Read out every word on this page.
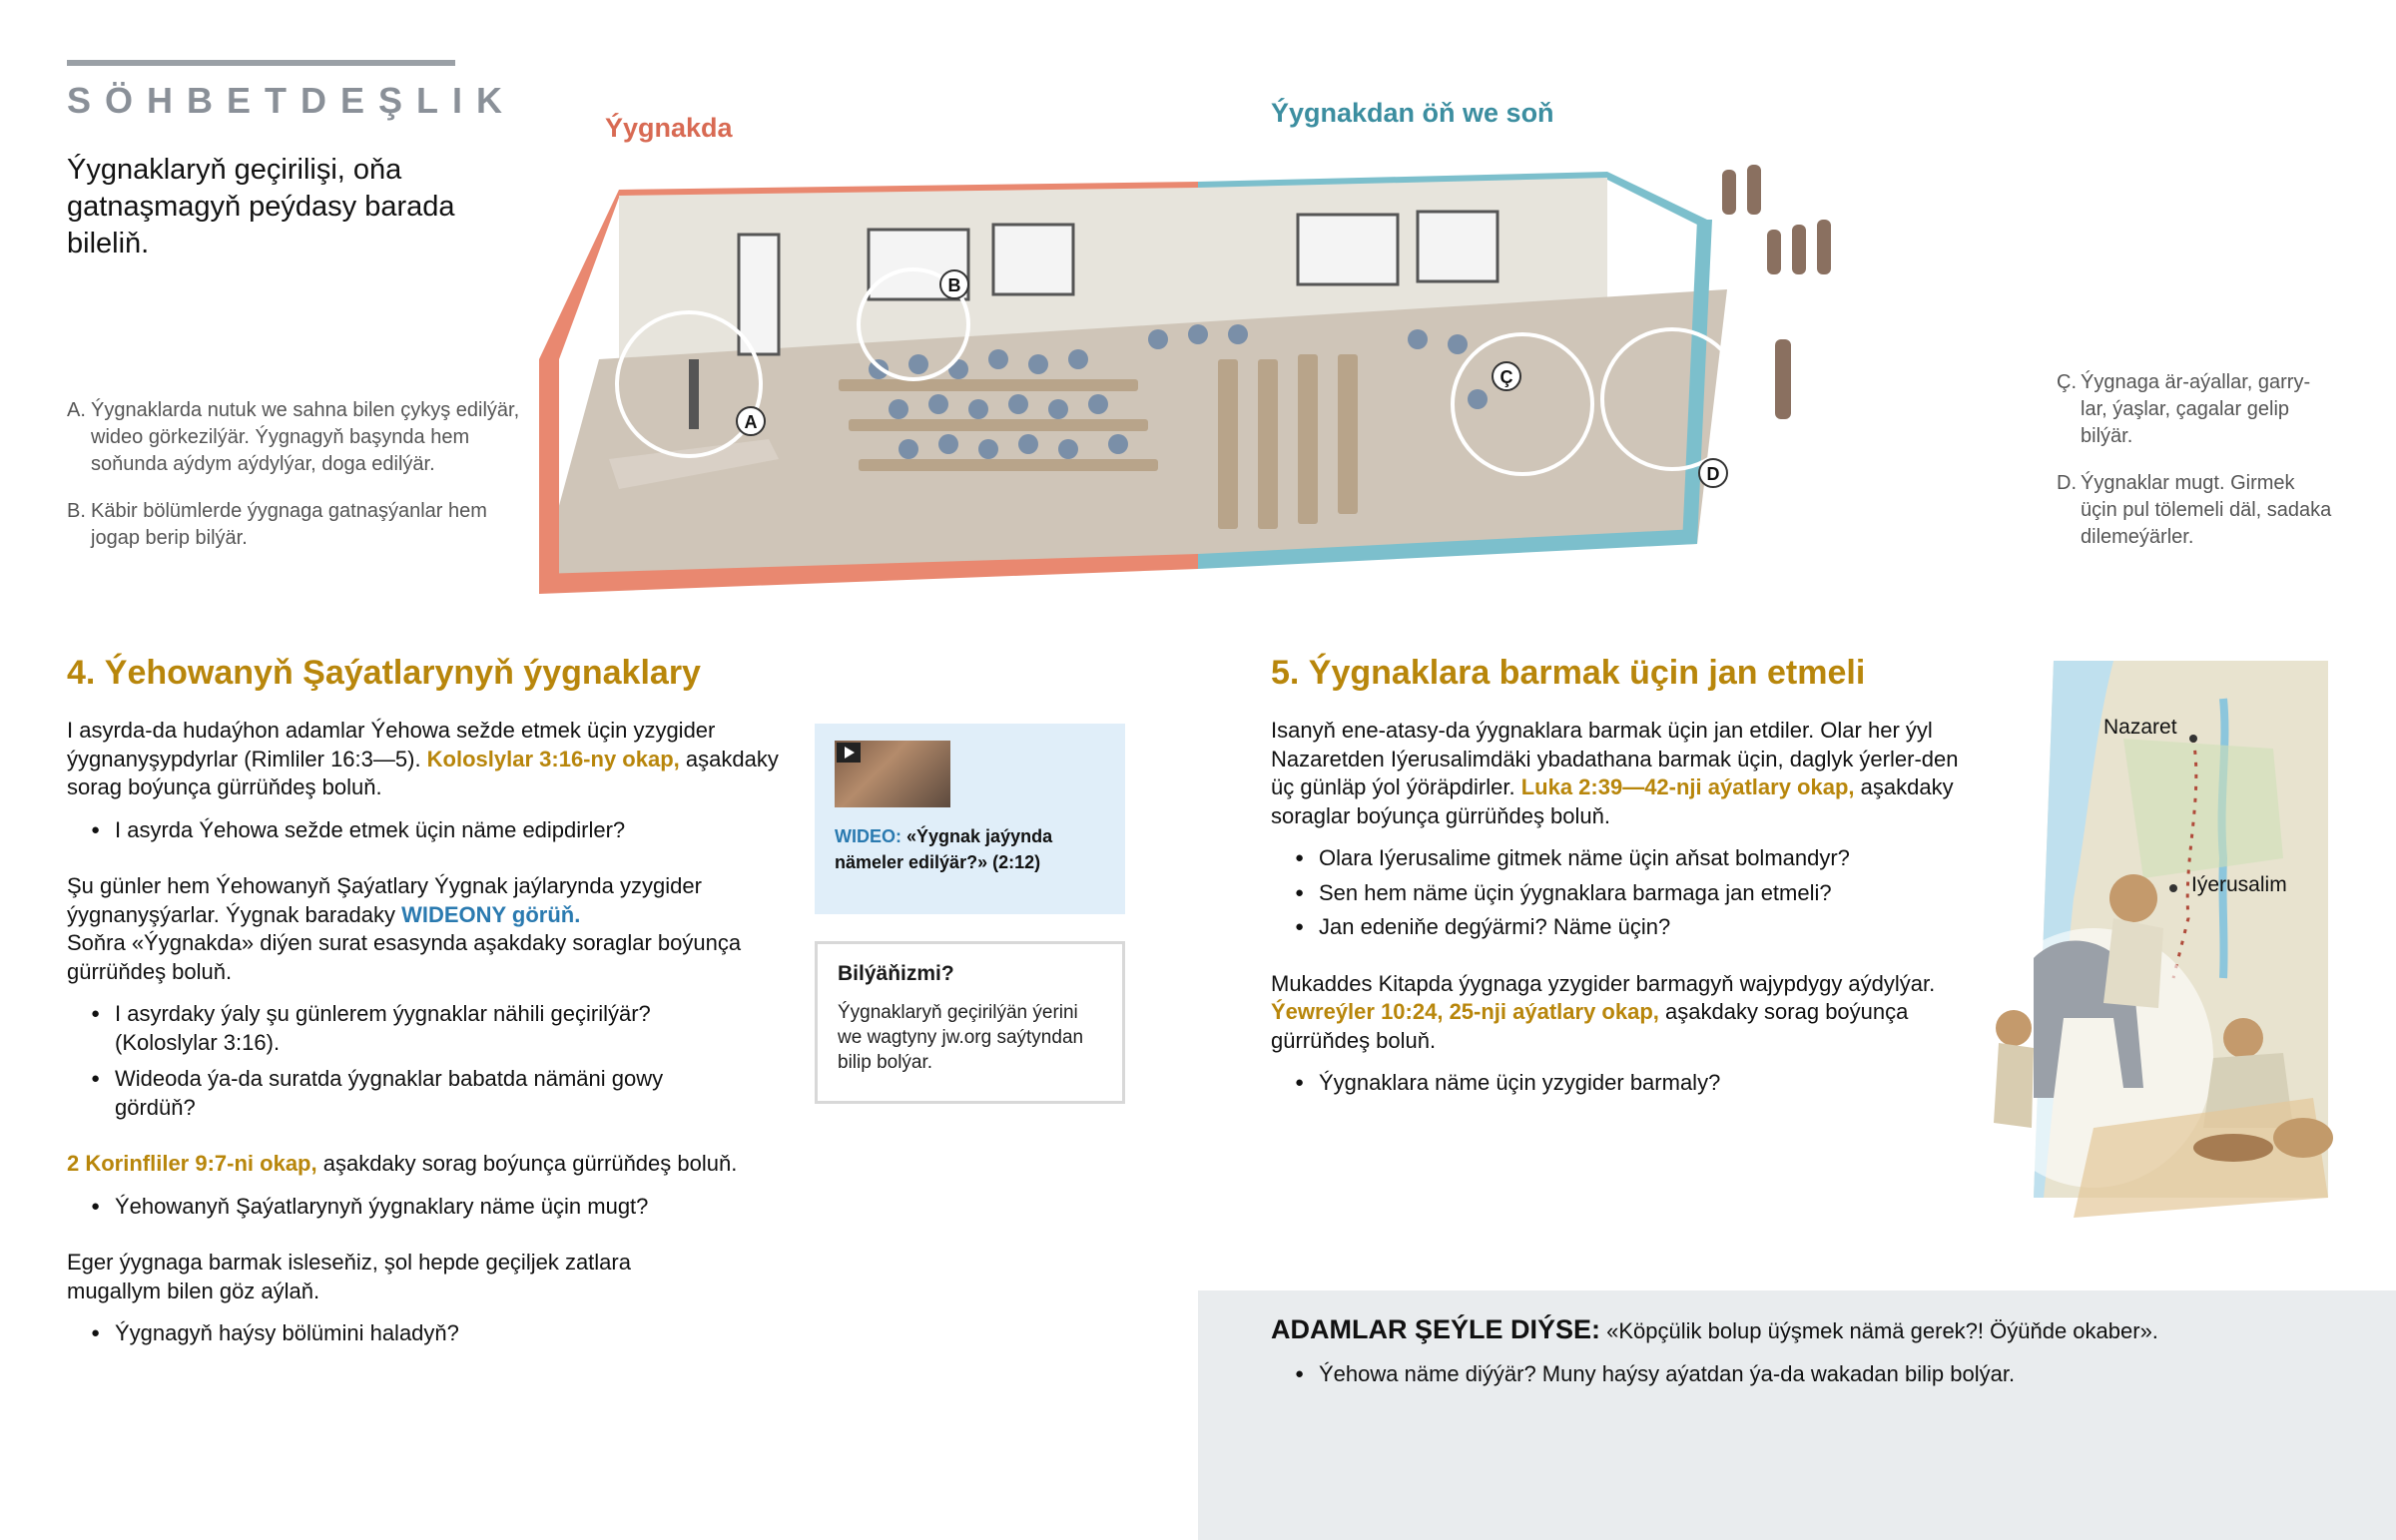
SÖHBETDEŞLIK
Ýygnaklaryň geçirilişi, oňa gatnaşmagyň peýdasy barada bileliň.
Ýygnakda	Ýygnakdan öň we soň
A. Ýygnaklarda nutuk we sahna bilen çykyş edilýär, wideo görkezilýär. Ýygnagyň başynda hem soňunda aýdym aýdylýar, doga edilýär.
B. Käbir bölümlerde ýygnaga gatnaşýanlar hem jogap berip bilýär.
Ç. Ýygnaga är-aýallar, garry-lar, ýaşlar, çagalar gelip bilýär.
D. Ýygnaklar mugt. Girmek üçin pul tölemeli däl, sadaka dilemeýärler.
A
B
Ç
D
4. Ýehowanyň Şaýatlarynyň ýygnaklary

I asyrda-da hudaýhon adamlar Ýehowa sežde etmek üçin yzygider ýygnanyşypdyrlar (Rimliler 16:3—5). Koloslylar 3:16-ny okap, aşakdaky sorag boýunça gürrüňdeş boluň.

● I asyrda Ýehowa sežde etmek üçin näme edipdirler?

Şu günler hem Ýehowanyň Şaýatlary Ýygnak jaýlarynda yzygider ýygnanyşýarlar. Ýygnak baradaky WIDEONY görüň.
Soňra «Ýygnakda» diýen surat esasynda aşakdaky soraglar boýunça gürrüňdeş boluň.

● I asyrdaky ýaly şu günlerem ýygnaklar nähili geçirilýär? (Koloslylar 3:16).
● Wideoda ýa-da suratda ýygnaklar babatda nämäni gowy gördüň?

2 Korinfliler 9:7-ni okap, aşakdaky sorag boýunça gürrüňdeş boluň.

● Ýehowanyň Şaýatlarynyň ýygnaklary näme üçin mugt?

Eger ýygnaga barmak isleseňiz, şol hepde geçiljek zatlara mugallym bilen göz aýlaň.

● Ýygnagyň haýsy bölümini haladyň?
WIDEO: «Ýygnak jaýynda nämeler edilýär?» (2:12)
Bilýäňizmi?
Ýygnaklaryň geçirilýän ýerini we wagtyny jw.org saýtyndan bilip bolýar.
5. Ýygnaklara barmak üçin jan etmeli

Isanyň ene-atasy-da ýygnaklara barmak üçin jan etdiler. Olar her ýyl Nazaretden Iýerusalimdäki ybadathana barmak üçin, daglyk ýerler-den üç günläp ýol ýöräpdirler. Luka 2:39—42-nji aýatlary okap, aşakdaky soraglar boýunça gürrüňdeş boluň.

● Olara Iýerusalime gitmek näme üçin aňsat bolmandyr?
● Sen hem näme üçin ýygnaklara barmaga jan etmeli?
● Jan edeniňe degýärmi? Näme üçin?

Mukaddes Kitapda ýygnaga yzygider barmagyň wajypdygy aýdylýar. Ýewreýler 10:24, 25-nji aýatlary okap, aşakdaky sorag boýunça gürrüňdeş boluň.

● Ýygnaklara näme üçin yzygider barmaly?
Nazaret
Iýerusalim

ADAMLAR ŞEÝLE DIÝSE: «Köpçülik bolup üýşmek nämä gerek?! Öýüňde okaber».

● Ýehowa näme diýýär? Muny haýsy aýatdan ýa-da wakadan bilip bolýar.
